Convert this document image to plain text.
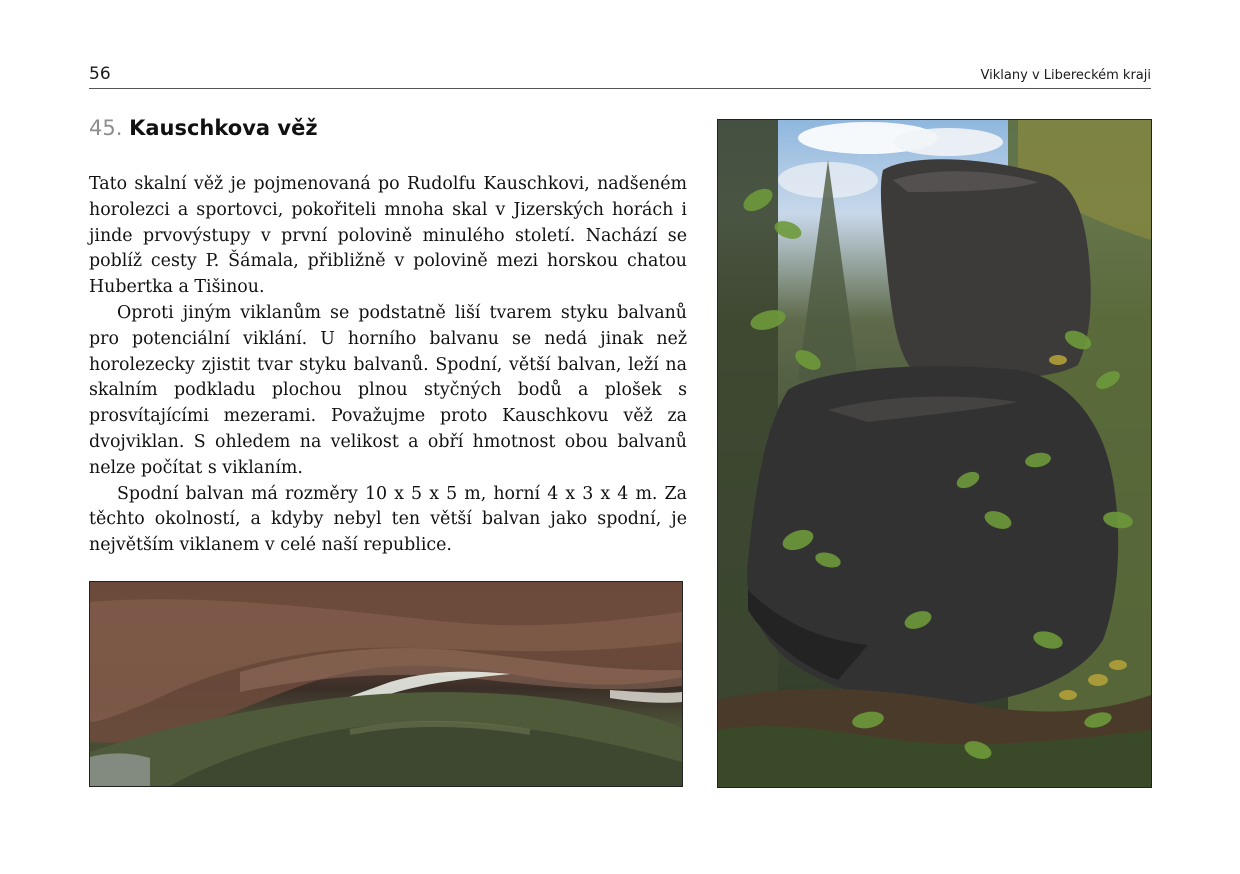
56	Viklany v Libereckém kraji
45. Kauschkova věž

Tato skalní věž je pojmenovaná po Rudolfu Kauschkovi, nadšeném horolezci a sportovci, pokořiteli mnoha skal v Jizerských horách i jinde prvovýstupy v první polovině minulého století. Nachází se poblíž cesty P. Šámala, přibližně v polovině mezi horskou chatou Hubertka a Tišinou.

Oproti jiným viklanům se podstatně liší tvarem styku balvanů pro potenciální viklání. U horního balvanu se nedá jinak než horolezecky zjistit tvar styku balvanů. Spodní, větší balvan, leží na skalním podkladu plochou plnou styčných bodů a plošek s prosvítajícími mezerami. Považujme proto Kauschkovu věž za dvojviklan. S ohledem na velikost a obří hmotnost obou balvanů nelze počítat s viklaním.

Spodní balvan má rozměry 10 x 5 x 5 m, horní 4 x 3 x 4 m. Za těchto okolností, a kdyby nebyl ten větší balvan jako spodní, je největším viklanem v celé naší republice.
